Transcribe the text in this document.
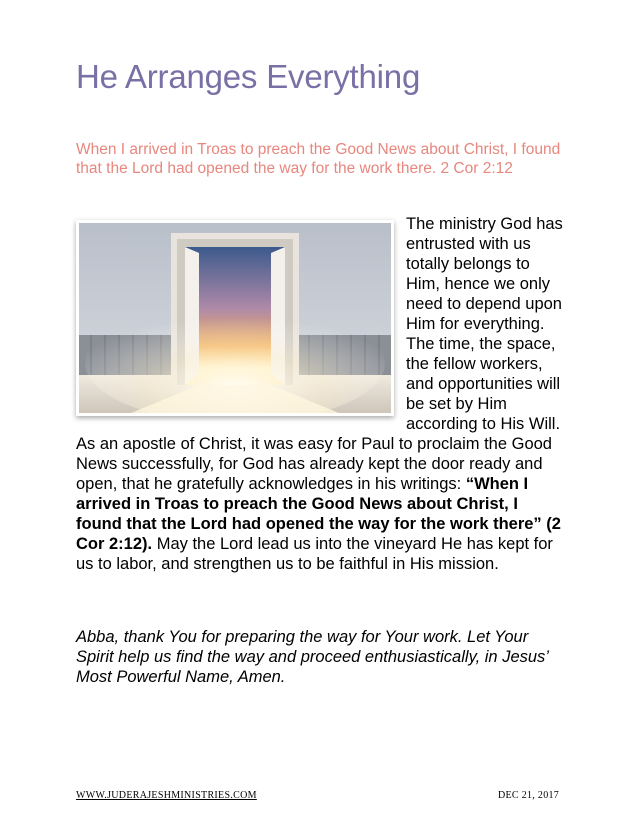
He Arranges Everything

When I arrived in Troas to preach the Good News about Christ, I found that the Lord had opened the way for the work there. 2 Cor 2:12

The ministry God has entrusted with us totally belongs to Him, hence we only need to depend upon Him for everything. The time, the space, the fellow workers, and opportunities will be set by Him according to His Will. As an apostle of Christ, it was easy for Paul to proclaim the Good News successfully, for God has already kept the door ready and open, that he gratefully acknowledges in his writings: “When I arrived in Troas to preach the Good News about Christ, I found that the Lord had opened the way for the work there” (2 Cor 2:12). May the Lord lead us into the vineyard He has kept for us to labor, and strengthen us to be faithful in His mission.

Abba, thank You for preparing the way for Your work. Let Your Spirit help us find the way and proceed enthusiastically, in Jesus’ Most Powerful Name, Amen.

WWW.JUDERAJESHMINISTRIES.COM	DEC 21, 2017
